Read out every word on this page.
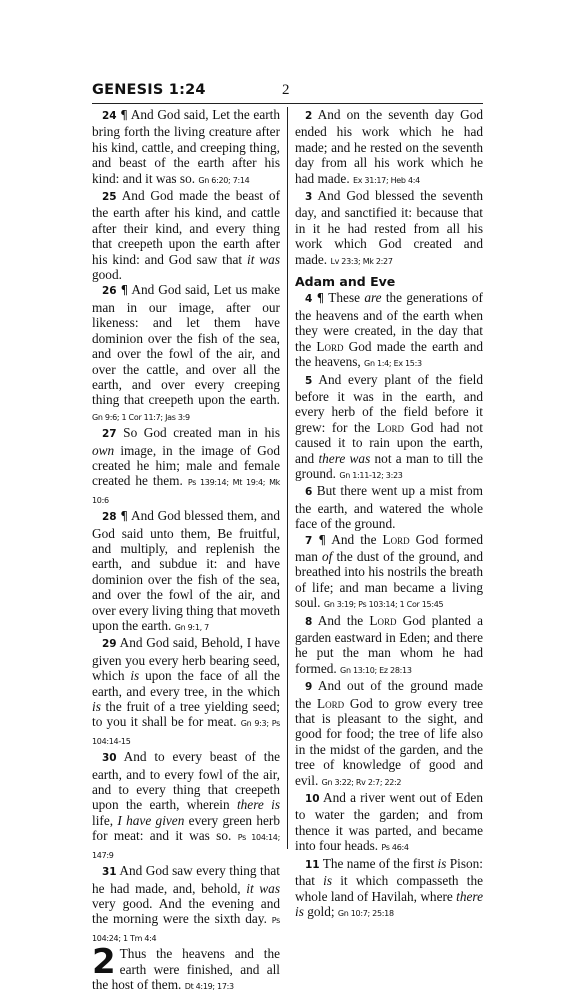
GENESIS 1:24	2

24 ¶ And God said, Let the earth bring forth the living creature after his kind, cattle, and creeping thing, and beast of the earth after his kind: and it was so. Gn 6:20; 7:14

25 And God made the beast of the earth after his kind, and cattle after their kind, and every thing that creepeth upon the earth after his kind: and God saw that it was good.

26 ¶ And God said, Let us make man in our image, after our likeness: and let them have dominion over the fish of the sea, and over the fowl of the air, and over the cattle, and over all the earth, and over every creeping thing that creepeth upon the earth. Gn 9:6; 1 Cor 11:7; Jas 3:9

27 So God created man in his own image, in the image of God created he him; male and female created he them. Ps 139:14; Mt 19:4; Mk 10:6

28 ¶ And God blessed them, and God said unto them, Be fruitful, and multiply, and replenish the earth, and subdue it: and have dominion over the fish of the sea, and over the fowl of the air, and over every living thing that moveth upon the earth. Gn 9:1, 7

29 And God said, Behold, I have given you every herb bearing seed, which is upon the face of all the earth, and every tree, in the which is the fruit of a tree yielding seed; to you it shall be for meat. Gn 9:3; Ps 104:14-15

30 And to every beast of the earth, and to every fowl of the air, and to every thing that creepeth upon the earth, wherein there is life, I have given every green herb for meat: and it was so. Ps 104:14; 147:9

31 And God saw every thing that he had made, and, behold, it was very good. And the evening and the morning were the sixth day. Ps 104:24; 1 Tm 4:4

2 Thus the heavens and the earth were finished, and all the host of them. Dt 4:19; 17:3

2 And on the seventh day God ended his work which he had made; and he rested on the seventh day from all his work which he had made. Ex 31:17; Heb 4:4

3 And God blessed the seventh day, and sanctified it: because that in it he had rested from all his work which God created and made. Lv 23:3; Mk 2:27

Adam and Eve

4 ¶ These are the generations of the heavens and of the earth when they were created, in the day that the Lord God made the earth and the heavens, Gn 1:4; Ex 15:3

5 And every plant of the field before it was in the earth, and every herb of the field before it grew: for the Lord God had not caused it to rain upon the earth, and there was not a man to till the ground. Gn 1:11-12; 3:23

6 But there went up a mist from the earth, and watered the whole face of the ground.

7 ¶ And the Lord God formed man of the dust of the ground, and breathed into his nostrils the breath of life; and man became a living soul. Gn 3:19; Ps 103:14; 1 Cor 15:45

8 And the Lord God planted a garden eastward in Eden; and there he put the man whom he had formed. Gn 13:10; Ez 28:13

9 And out of the ground made the Lord God to grow every tree that is pleasant to the sight, and good for food; the tree of life also in the midst of the garden, and the tree of knowledge of good and evil. Gn 3:22; Rv 2:7; 22:2

10 And a river went out of Eden to water the garden; and from thence it was parted, and became into four heads. Ps 46:4

11 The name of the first is Pison: that is it which compasseth the whole land of Havilah, where there is gold; Gn 10:7; 25:18
